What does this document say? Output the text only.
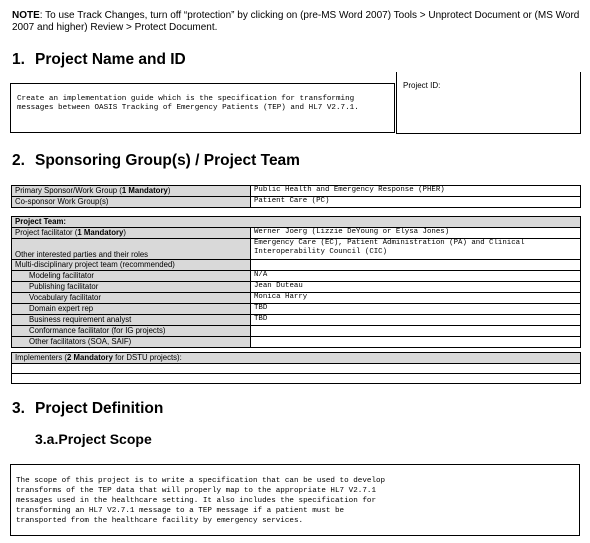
NOTE: To use Track Changes, turn off “protection” by clicking on (pre-MS Word 2007) Tools > Unprotect Document or (MS Word 2007 and higher) Review > Protect Document.
1. Project Name and ID
Create an implementation guide which is the specification for transforming messages between OASIS Tracking of Emergency Patients (TEP) and HL7 V2.7.1.
Project ID:
2. Sponsoring Group(s) / Project Team
Primary Sponsor/Work Group (1 Mandatory)	Public Health and Emergency Response (PHER)
Co-sponsor Work Group(s)	Patient Care (PC)
Project Team:	
Project facilitator (1 Mandatory)	Werner Joerg (Lizzie DeYoung or Elysa Jones)
Other interested parties and their roles	Emergency Care (EC), Patient Administration (PA) and Clinical Interoperability Council (CIC)
Multi-disciplinary project team (recommended)	
Modeling facilitator	N/A
Publishing facilitator	Jean Duteau
Vocabulary facilitator	Monica Harry
Domain expert rep	TBD
Business requirement analyst	TBD
Conformance facilitator (for IG projects)	
Other facilitators (SOA, SAIF)	
Implementers (2 Mandatory for DSTU projects):

3. Project Definition
3.a.Project Scope
The scope of this project is to write a specification that can be used to develop
transforms of the TEP data that will properly map to the appropriate HL7 V2.7.1
messages used in the healthcare setting. It also includes the specification for
transforming an HL7 V2.7.1 message to a TEP message if a patient must be
transported from the healthcare facility by emergency services.
